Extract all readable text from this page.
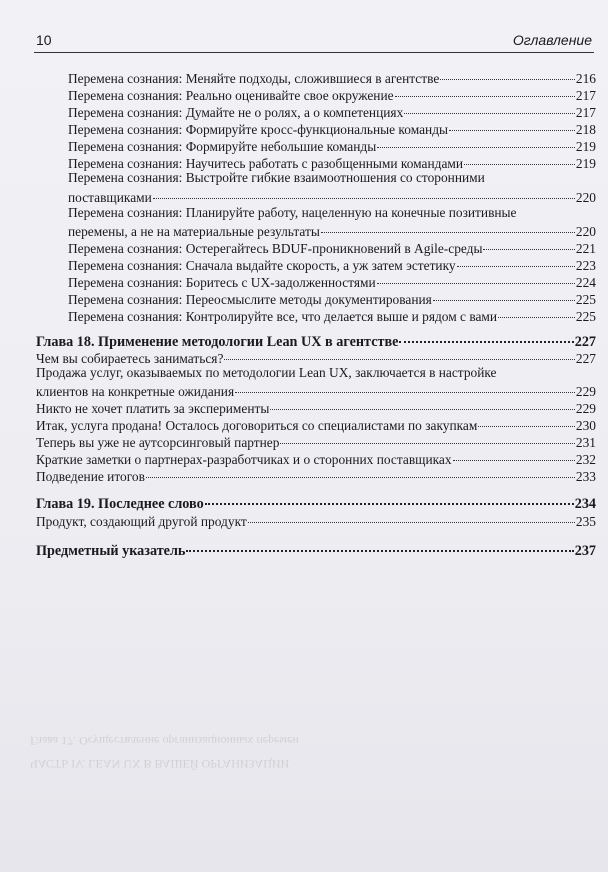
10	Оглавление
ЧАСТЬ IV. LEAN UX В ВАШЕЙ ОРГАНИЗАЦИИ
Глава 17. Осуществление организационных перемен
Перемена сознания: Меняйте подходы, сложившиеся в агентстве	216
Перемена сознания: Реально оценивайте свое окружение	217
Перемена сознания: Думайте не о ролях, а о компетенциях	217
Перемена сознания: Формируйте кросс-функциональные команды	218
Перемена сознания: Формируйте небольшие команды	219
Перемена сознания: Научитесь работать с разобщенными командами	219
Перемена сознания: Выстройте гибкие взаимоотношения со сторонними
поставщиками	220
Перемена сознания: Планируйте работу, нацеленную на конечные позитивные
перемены, а не на материальные результаты	220
Перемена сознания: Остерегайтесь BDUF-проникновений в Agile-среды	221
Перемена сознания: Сначала выдайте скорость, а уж затем эстетику	223
Перемена сознания: Боритесь с UX-задолженностями	224
Перемена сознания: Переосмыслите методы документирования	225
Перемена сознания: Контролируйте все, что делается выше и рядом с вами	225
Глава 18. Применение методологии Lean UX в агентстве	227
Чем вы собираетесь заниматься?	227
Продажа услуг, оказываемых по методологии Lean UX, заключается в настройке
клиентов на конкретные ожидания	229
Никто не хочет платить за эксперименты	229
Итак, услуга продана! Осталось договориться со специалистами по закупкам	230
Теперь вы уже не аутсорсинговый партнер	231
Краткие заметки о партнерах-разработчиках и о сторонних поставщиках	232
Подведение итогов	233
Глава 19. Последнее слово	234
Продукт, создающий другой продукт	235
Предметный указатель	237
